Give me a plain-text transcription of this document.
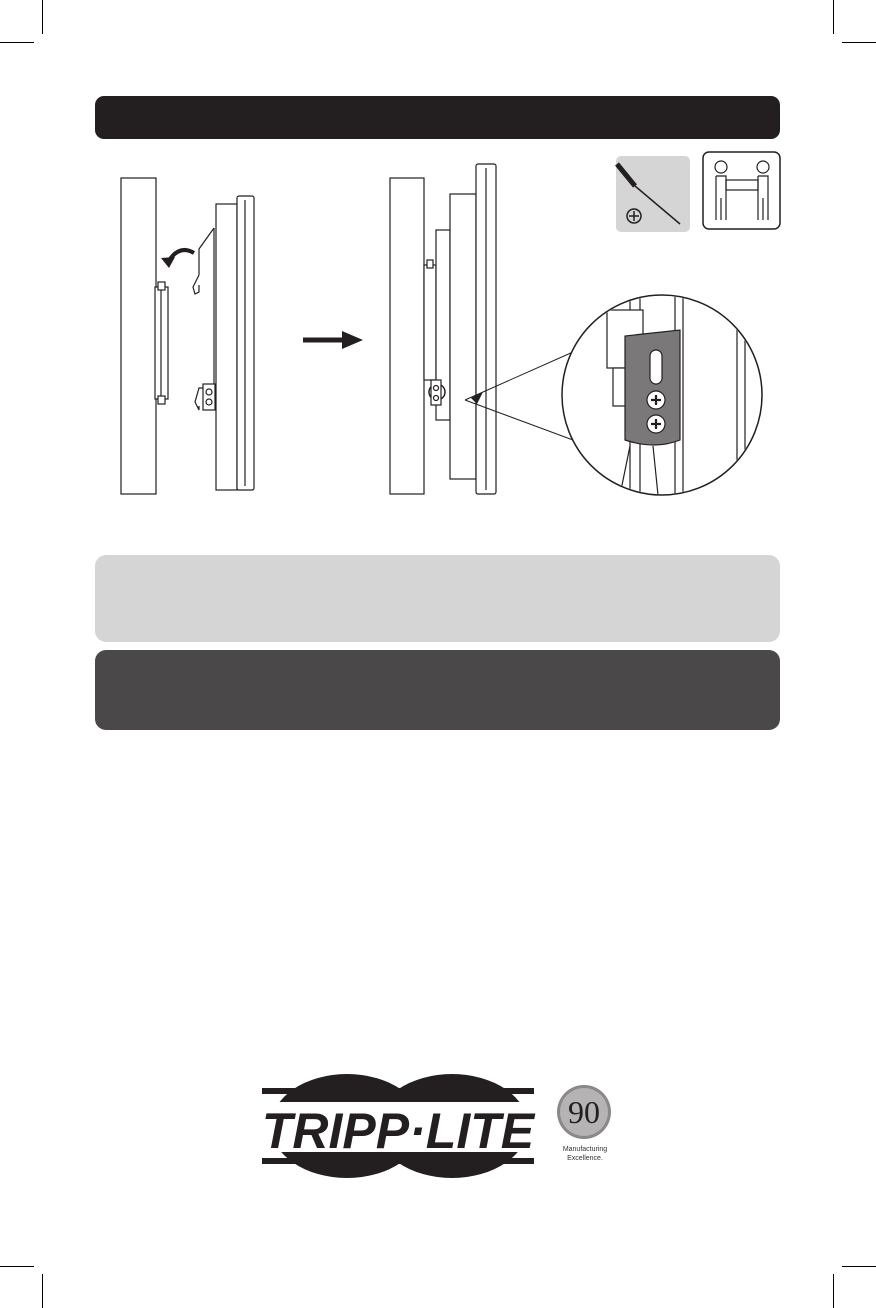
TRIPP·LITE 90
Manufacturing
Excellence.
